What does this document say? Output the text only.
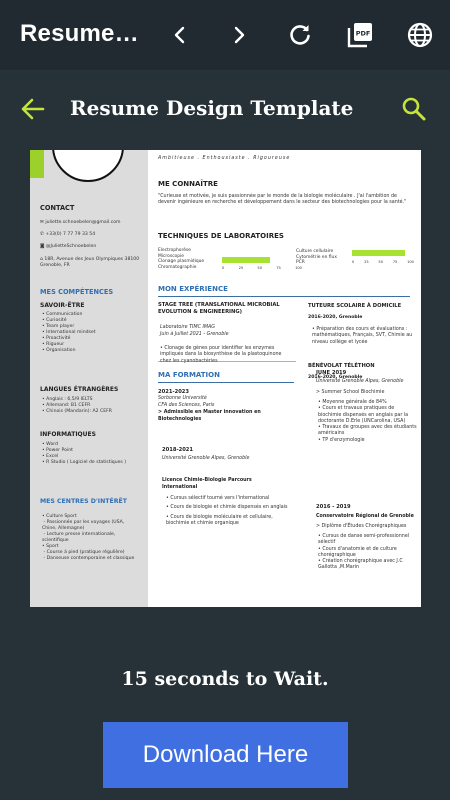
Resume…	PDF
Resume Design Template
CONTACT
✉ juliette.schnoebelen@gmail.com
✆ +33(0) 7 77 79 33 54
◙ @JulietteSchnoebelen
⌂ 18R, Avenue des Jeux Olympiques 38100 Grenoble, FR
MES COMPÉTENCES
SAVOIR-ÊTRE
• Communication
• Curiosité
• Team player
• International mindset
• Proactivité
• Rigueur
• Organisation
LANGUES ÉTRANGÈRES
• Anglais : 6,5/9 IELTS
• Allemand: B1 CEFR
• Chinois (Mandarin): A2 CEFR
INFORMATIQUES
• Word
• Power Point
• Excel
• R Studio ( Logiciel de statistiques )
MES CENTRES D'INTÉRÊT
• Culture Sport
- Passionnée par les voyages (USA, Chine, Allemagne)
- Lecture presse internationale, scientifique
• Sport
- Course à pied (pratique régulière)
- Danseuse contemporaine et classique
Ambitieuse . Enthousiaste . Rigoureuse
ME CONNAÎTRE
"Curieuse et motivée, je suis passionnée par le monde de la biologie moléculaire . J'ai l'ambition de devenir ingénieure en recherche et développement dans le secteur des biotechnologies pour la santé."
TECHNIQUES DE LABORATOIRES
Electrophorèse
Microscopie
Clonage plasmidique
Chromatographie	0	25	50	75	100
Culture cellulaire
Cytométrie en flux
PCR	0	25	50	75	100
MON EXPÉRIENCE
STAGE TREE (TRANSLATIONAL MICROBIAL EVOLUTION & ENGINEERING)
Laboratoire TIMC IMAG
Juin à Juillet 2021 - Grenoble
• Clonage de gènes pour identifier les enzymes impliqués dans la biosynthèse de la plastoquinone
TUTEURE SCOLAIRE À DOMICILE
2016-2020, Grenoble
• Préparation des cours et évaluations : mathématiques, Français, SVT, Chimie au niveau collège et lycée
BÉNÉVOLAT TÉLÉTHON
2016-2020, Grenoble
MA FORMATION
2021-2023
Sorbonne Université
CFA des Sciences, Paris
> Admissible en Master innovation en Biotechnologies
2018-2021
Université Grenoble Alpes, Grenoble
Licence Chimie-Biologie Parcours International
• Cursus sélectif tourné vers l'international
• Cours de biologie et chimie dispensés en anglais
• Cours de biologie moléculaire et cellulaire, biochimie et chimie organique
JUNE 2019
Université Grenoble Alpes, Grenoble
> Summer School Biochimie
• Moyenne générale de 84%
• Cours et travaux pratiques de biochimie dispensés en anglais par la doctorante D.Erle (UNCarolina, USA)
• Travaux de groupes avec des étudiants américains
• TP d'enzymologie
2016 - 2019
Conservatoire Régional de Grenoble
> Diplôme d'Études Chorégraphiques
• Cursus de danse semi-professionnel sélectif
• Cours d'anatomie et de culture chorégraphique
• Création chorégraphique avec J.C Gallotta ,M.Marin
15 seconds to Wait.
Download Here
